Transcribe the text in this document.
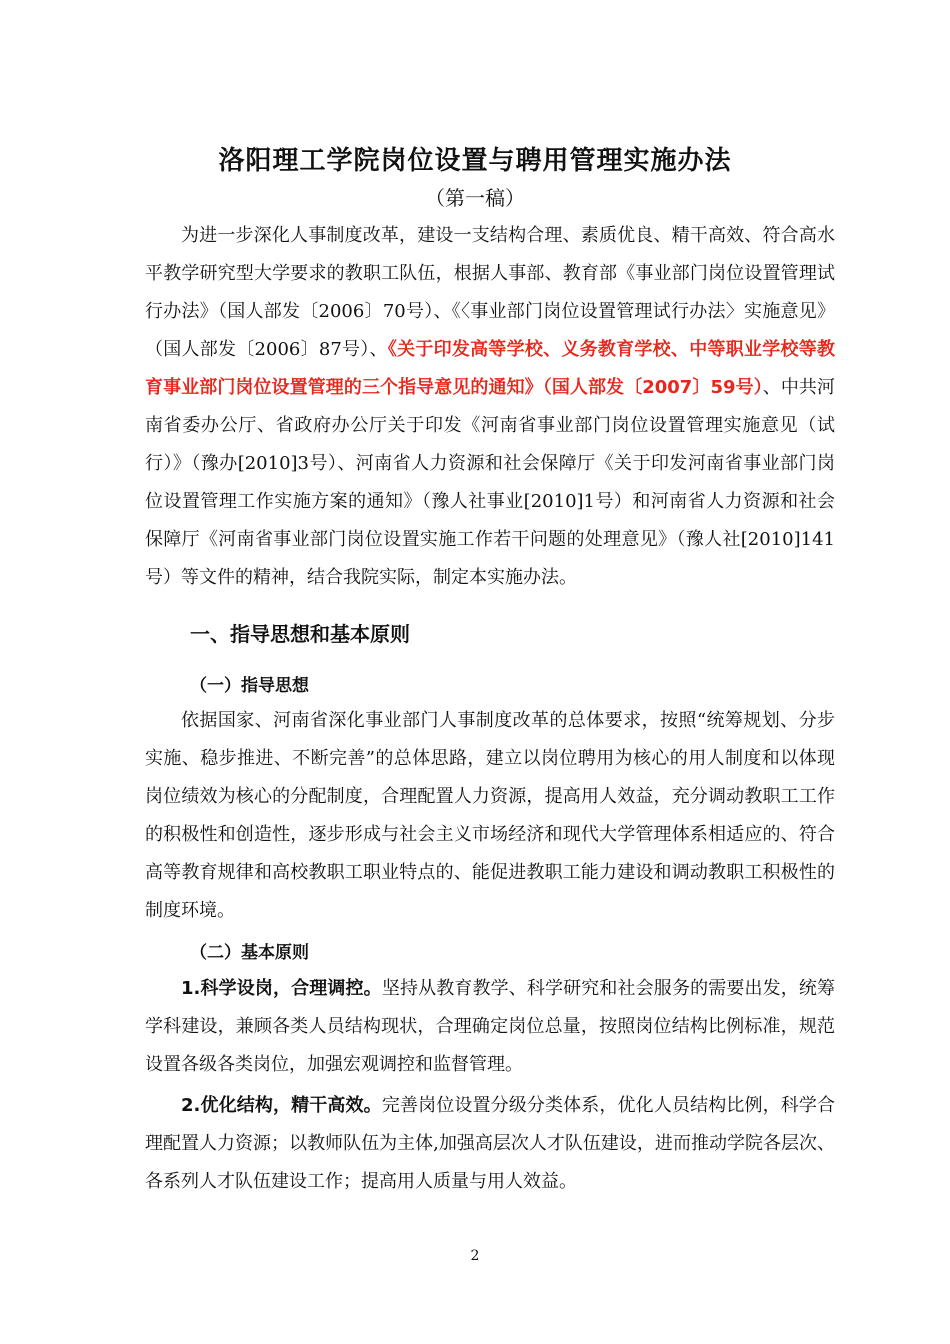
洛阳理工学院岗位设置与聘用管理实施办法
（第一稿）

为进一步深化人事制度改革，建设一支结构合理、素质优良、精干高效、符合高水平教学研究型大学要求的教职工队伍，根据人事部、教育部《事业部门岗位设置管理试行办法》（国人部发〔2006〕70号）、《〈事业部门岗位设置管理试行办法〉实施意见》（国人部发〔2006〕87号）、《关于印发高等学校、义务教育学校、中等职业学校等教育事业部门岗位设置管理的三个指导意见的通知》（国人部发〔2007〕59号）、中共河南省委办公厅、省政府办公厅关于印发《河南省事业部门岗位设置管理实施意见（试行）》（豫办[2010]3号）、河南省人力资源和社会保障厅《关于印发河南省事业部门岗位设置管理工作实施方案的通知》（豫人社事业[2010]1号）和河南省人力资源和社会保障厅《河南省事业部门岗位设置实施工作若干问题的处理意见》（豫人社[2010]141号）等文件的精神，结合我院实际，制定本实施办法。

一、指导思想和基本原则
（一）指导思想

依据国家、河南省深化事业部门人事制度改革的总体要求，按照“统筹规划、分步实施、稳步推进、不断完善”的总体思路，建立以岗位聘用为核心的用人制度和以体现岗位绩效为核心的分配制度，合理配置人力资源，提高用人效益，充分调动教职工工作的积极性和创造性，逐步形成与社会主义市场经济和现代大学管理体系相适应的、符合高等教育规律和高校教职工职业特点的、能促进教职工能力建设和调动教职工积极性的制度环境。

（二）基本原则

1.科学设岗，合理调控。坚持从教育教学、科学研究和社会服务的需要出发，统筹学科建设，兼顾各类人员结构现状，合理确定岗位总量，按照岗位结构比例标准，规范设置各级各类岗位，加强宏观调控和监督管理。

2.优化结构，精干高效。完善岗位设置分级分类体系，优化人员结构比例，科学合理配置人力资源；以教师队伍为主体,加强高层次人才队伍建设，进而推动学院各层次、各系列人才队伍建设工作；提高用人质量与用人效益。

2
